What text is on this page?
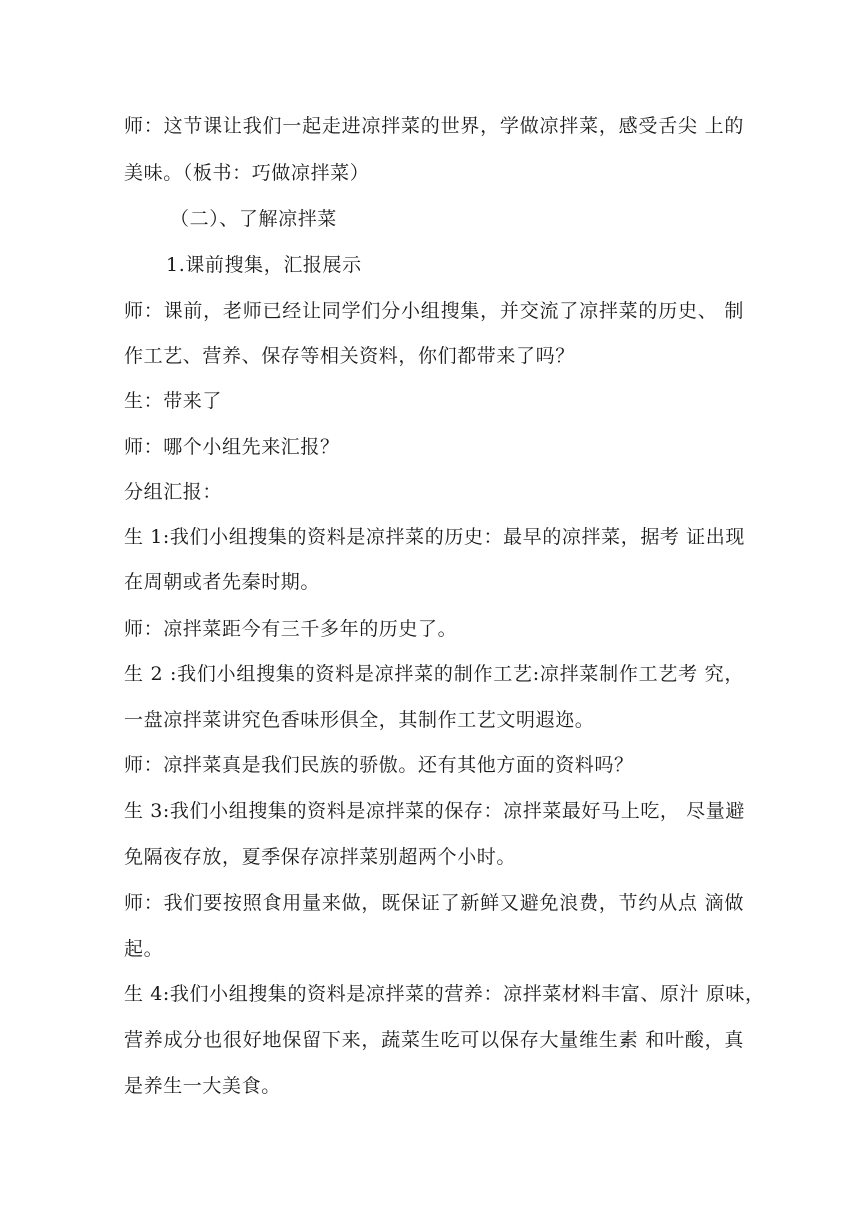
师：这节课让我们一起走进凉拌菜的世界，学做凉拌菜，感受舌尖 上的
美味。（板书：巧做凉拌菜）
（二）、了解凉拌菜
1.课前搜集，汇报展示
师：课前，老师已经让同学们分小组搜集，并交流了凉拌菜的历史、 制
作工艺、营养、保存等相关资料，你们都带来了吗？
生：带来了
师：哪个小组先来汇报？
分组汇报：
生 1:我们小组搜集的资料是凉拌菜的历史：最早的凉拌菜，据考 证出现
在周朝或者先秦时期。
师：凉拌菜距今有三千多年的历史了。
生 2 :我们小组搜集的资料是凉拌菜的制作工艺:凉拌菜制作工艺考 究，
一盘凉拌菜讲究色香味形俱全，其制作工艺文明遐迩。
师：凉拌菜真是我们民族的骄傲。还有其他方面的资料吗？
生 3:我们小组搜集的资料是凉拌菜的保存：凉拌菜最好马上吃， 尽量避
免隔夜存放，夏季保存凉拌菜别超两个小时。
师：我们要按照食用量来做，既保证了新鲜又避免浪费，节约从点 滴做
起。
生 4:我们小组搜集的资料是凉拌菜的营养：凉拌菜材料丰富、原汁 原味，
营养成分也很好地保留下来，蔬菜生吃可以保存大量维生素 和叶酸，真
是养生一大美食。
